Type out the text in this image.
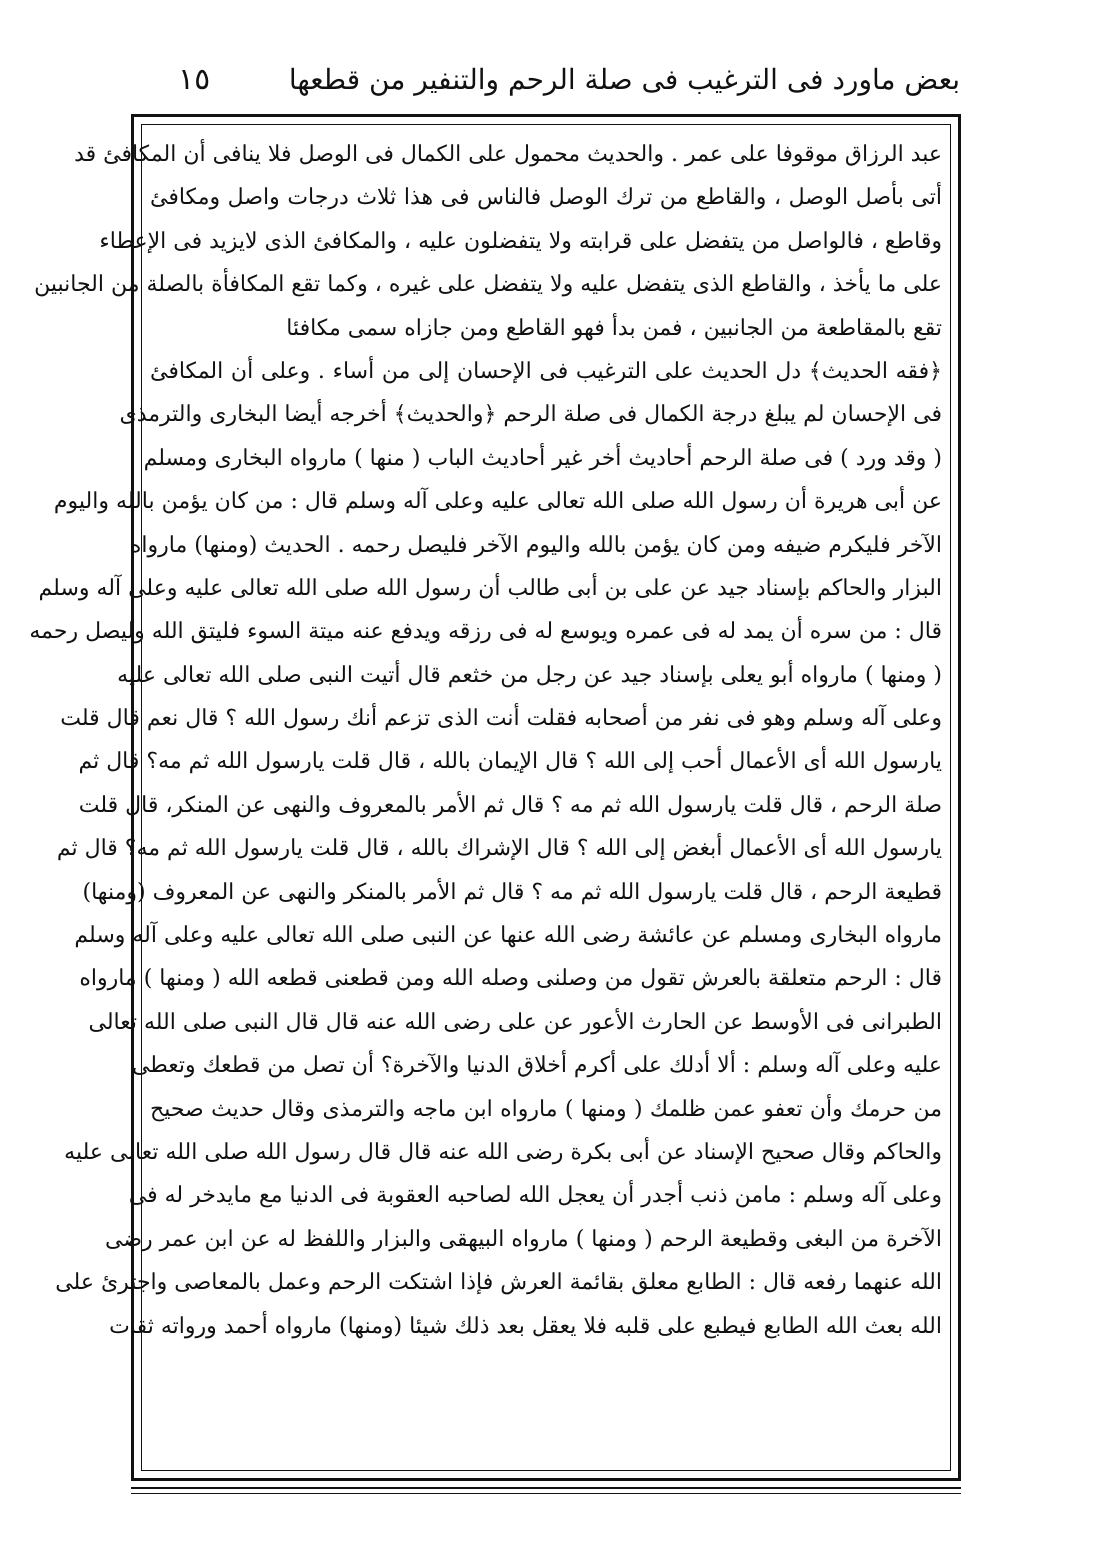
بعض ماورد فى الترغيب فى صلة الرحم والتنفير من قطعها
١٥
عبد الرزاق موقوفا على عمر . والحديث محمول على الكمال فى الوصل فلا ينافى أن المكافئ قد
أتى بأصل الوصل ، والقاطع من ترك الوصل فالناس فى هذا ثلاث درجات واصل ومكافئ
وقاطع ، فالواصل من يتفضل على قرابته ولا يتفضلون عليه ، والمكافئ الذى لايزيد فى الإعطاء
على ما يأخذ ، والقاطع الذى يتفضل عليه ولا يتفضل على غيره ، وكما تقع المكافأة بالصلة من الجانبين
تقع بالمقاطعة من الجانبين ، فمن بدأ فهو القاطع ومن جازاه سمى مكافئا
﴿فقه الحديث﴾ دل الحديث على الترغيب فى الإحسان إلى من أساء . وعلى أن المكافئ
فى الإحسان لم يبلغ درجة الكمال فى صلة الرحم ﴿والحديث﴾ أخرجه أيضا البخارى والترمذى
( وقد ورد ) فى صلة الرحم أحاديث أخر غير أحاديث الباب ( منها ) مارواه البخارى ومسلم
عن أبى هريرة أن رسول الله صلى الله تعالى عليه وعلى آله وسلم قال : من كان يؤمن بالله واليوم
الآخر فليكرم ضيفه ومن كان يؤمن بالله واليوم الآخر فليصل رحمه . الحديث (ومنها) مارواه
البزار والحاكم بإسناد جيد عن على بن أبى طالب أن رسول الله صلى الله تعالى عليه وعلى آله وسلم
قال : من سره أن يمد له فى عمره ويوسع له فى رزقه ويدفع عنه ميتة السوء فليتق الله وليصل رحمه
( ومنها ) مارواه أبو يعلى بإسناد جيد عن رجل من خثعم قال أتيت النبى صلى الله تعالى عليه
وعلى آله وسلم وهو فى نفر من أصحابه فقلت أنت الذى تزعم أنك رسول الله ؟ قال نعم قال قلت
يارسول الله أى الأعمال أحب إلى الله ؟ قال الإيمان بالله ، قال قلت يارسول الله ثم مه؟ قال ثم
صلة الرحم ، قال قلت يارسول الله ثم مه ؟ قال ثم الأمر بالمعروف والنهى عن المنكر، قال قلت
يارسول الله أى الأعمال أبغض إلى الله ؟ قال الإشراك بالله ، قال قلت يارسول الله ثم مه؟ قال ثم
قطيعة الرحم ، قال قلت يارسول الله ثم مه ؟ قال ثم الأمر بالمنكر والنهى عن المعروف (ومنها)
مارواه البخارى ومسلم عن عائشة رضى الله عنها عن النبى صلى الله تعالى عليه وعلى آله وسلم
قال : الرحم متعلقة بالعرش تقول من وصلنى وصله الله ومن قطعنى قطعه الله ( ومنها ) مارواه
الطبرانى فى الأوسط عن الحارث الأعور عن على رضى الله عنه قال قال النبى صلى الله تعالى
عليه وعلى آله وسلم : ألا أدلك على أكرم أخلاق الدنيا والآخرة؟ أن تصل من قطعك وتعطى
من حرمك وأن تعفو عمن ظلمك ( ومنها ) مارواه ابن ماجه والترمذى وقال حديث صحيح
والحاكم وقال صحيح الإسناد عن أبى بكرة رضى الله عنه قال قال رسول الله صلى الله تعالى عليه
وعلى آله وسلم : مامن ذنب أجدر أن يعجل الله لصاحبه العقوبة فى الدنيا مع مايدخر له فى
الآخرة من البغى وقطيعة الرحم ( ومنها ) مارواه البيهقى والبزار واللفظ له عن ابن عمر رضى
الله عنهما رفعه قال : الطابع معلق بقائمة العرش فإذا اشتكت الرحم وعمل بالمعاصى واجترئ على
الله بعث الله الطابع فيطبع على قلبه فلا يعقل بعد ذلك شيئا (ومنها) مارواه أحمد ورواته ثقات
